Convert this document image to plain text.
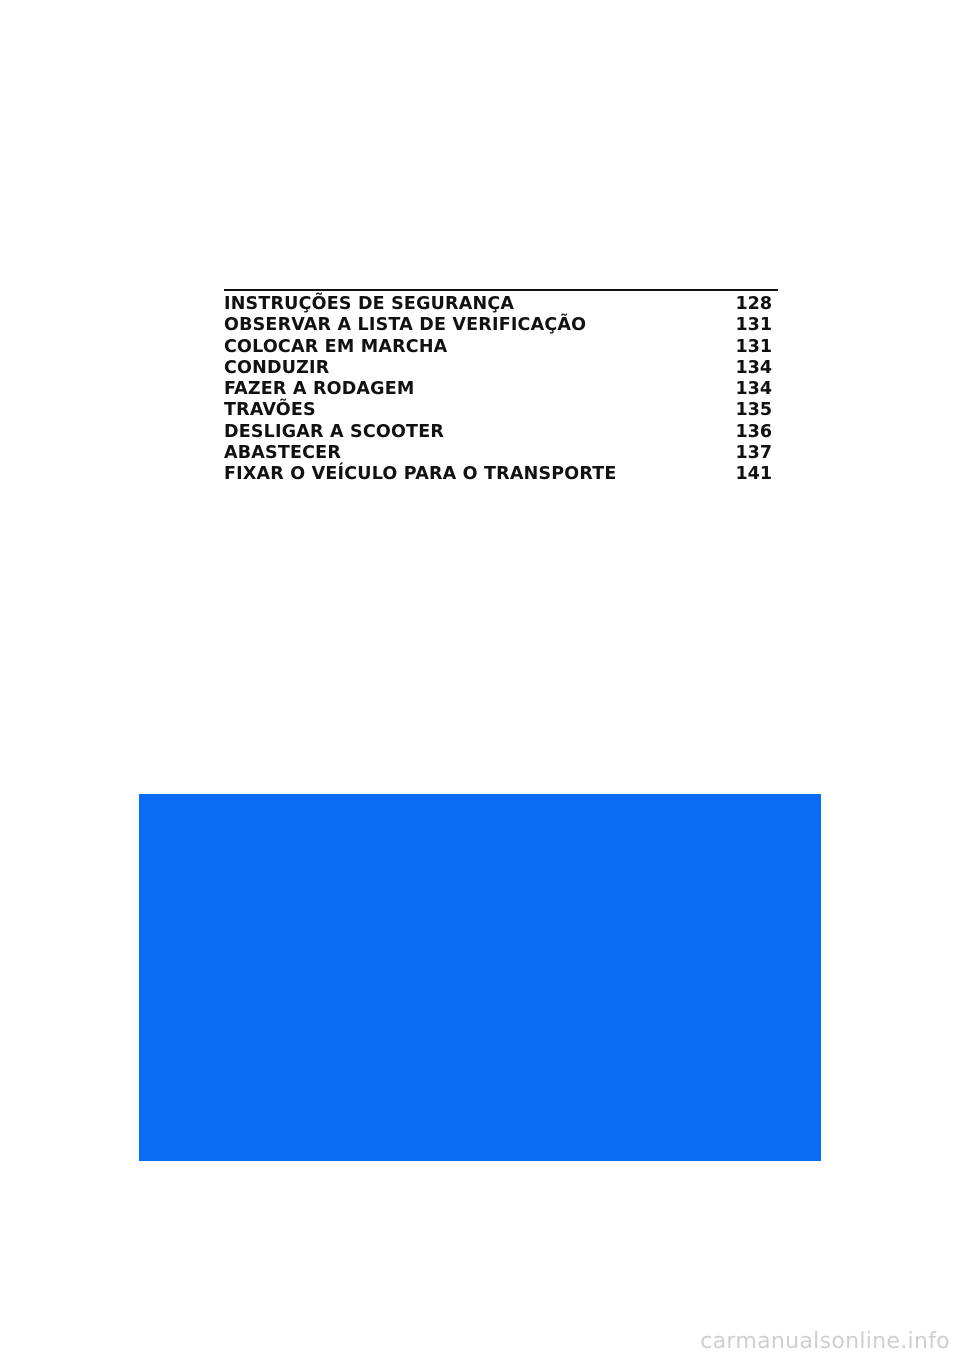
INSTRUÇÕES DE SEGURANÇA	128
OBSERVAR A LISTA DE VERIFICAÇÃO	131
COLOCAR EM MARCHA	131
CONDUZIR	134
FAZER A RODAGEM	134
TRAVÕES	135
DESLIGAR A SCOOTER	136
ABASTECER	137
FIXAR O VEÍCULO PARA O TRANSPORTE	141
carmanualsonline.info
